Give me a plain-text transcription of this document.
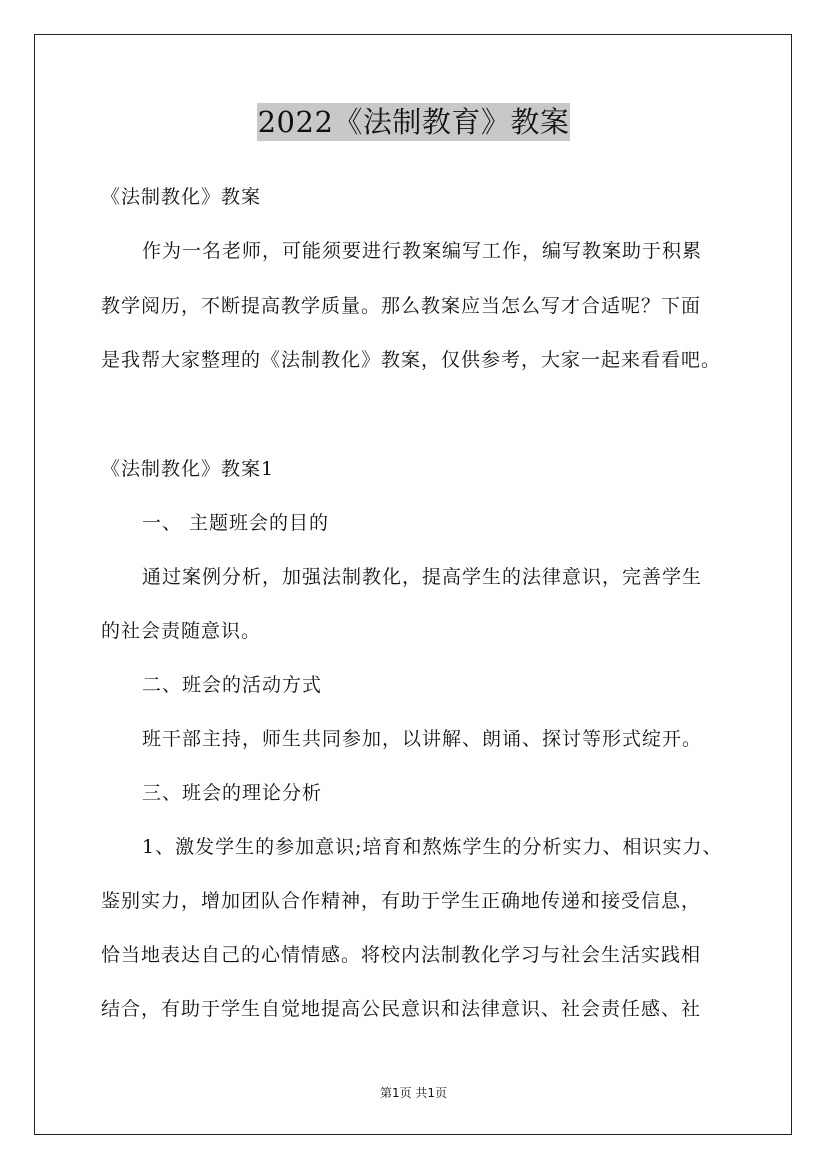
2022《法制教育》教案
《法制教化》教案
作为一名老师，可能须要进行教案编写工作，编写教案助于积累
教学阅历，不断提高教学质量。那么教案应当怎么写才合适呢？下面
是我帮大家整理的《法制教化》教案，仅供参考，大家一起来看看吧。
《法制教化》教案1
一、 主题班会的目的
通过案例分析，加强法制教化，提高学生的法律意识，完善学生
的社会责随意识。
二、班会的活动方式
班干部主持，师生共同参加，以讲解、朗诵、探讨等形式绽开。
三、班会的理论分析
1、激发学生的参加意识;培育和熬炼学生的分析实力、相识实力、
鉴别实力，增加团队合作精神，有助于学生正确地传递和接受信息，
恰当地表达自己的心情情感。将校内法制教化学习与社会生活实践相
结合，有助于学生自觉地提高公民意识和法律意识、社会责任感、社
第1页 共1页
